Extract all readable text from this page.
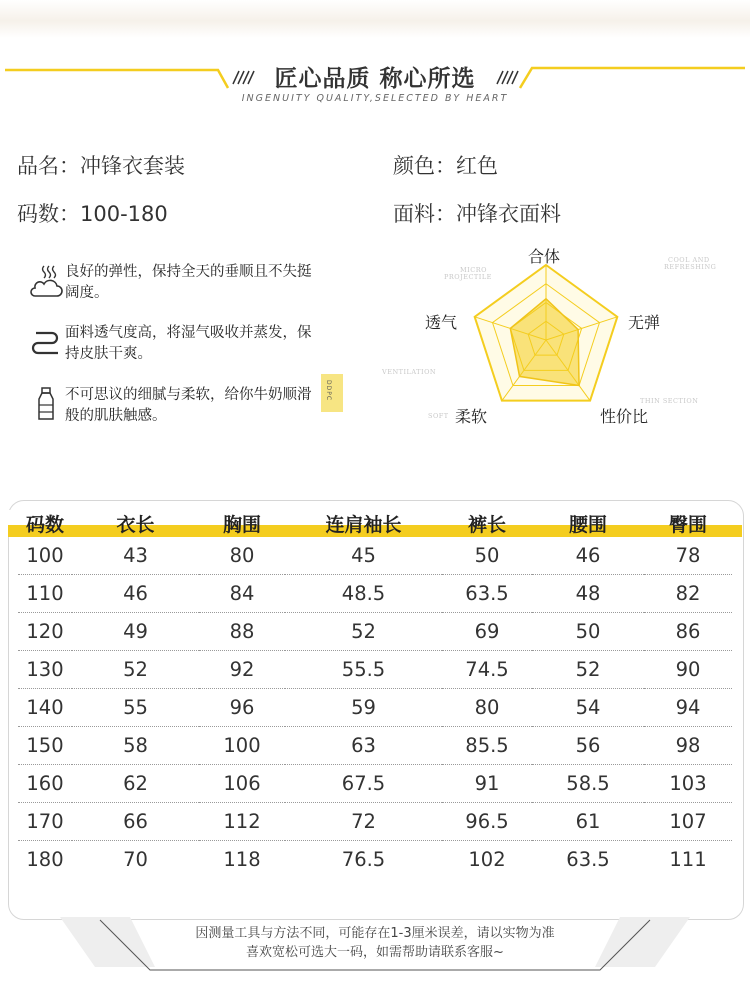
匠心品质 称心所选
INGENUITY QUALITY,SELECTED BY HEART
品名：冲锋衣套装	颜色：红色
码数：100-180	面料：冲锋衣面料
良好的弹性，保持全天的垂顺且不失挺阔度。
面料透气度高，将湿气吸收并蒸发，保持皮肤干爽。
不可思议的细腻与柔软，给你牛奶顺滑般的肌肤触感。
DDPC
合体
无弹
性价比
柔软
透气
COOL AND
REFRESHING
MICRO
PROJECTILE
VENTILATION
THIN SECTION
SOFT
码数	衣长	胸围	连肩袖长	裤长	腰围	臀围
100	43	80	45	50	46	78
110	46	84	48.5	63.5	48	82
120	49	88	52	69	50	86
130	52	92	55.5	74.5	52	90
140	55	96	59	80	54	94
150	58	100	63	85.5	56	98
160	62	106	67.5	91	58.5	103
170	66	112	72	96.5	61	107
180	70	118	76.5	102	63.5	111
因测量工具与方法不同，可能存在1-3厘米误差，请以实物为准
喜欢宽松可选大一码，如需帮助请联系客服~
